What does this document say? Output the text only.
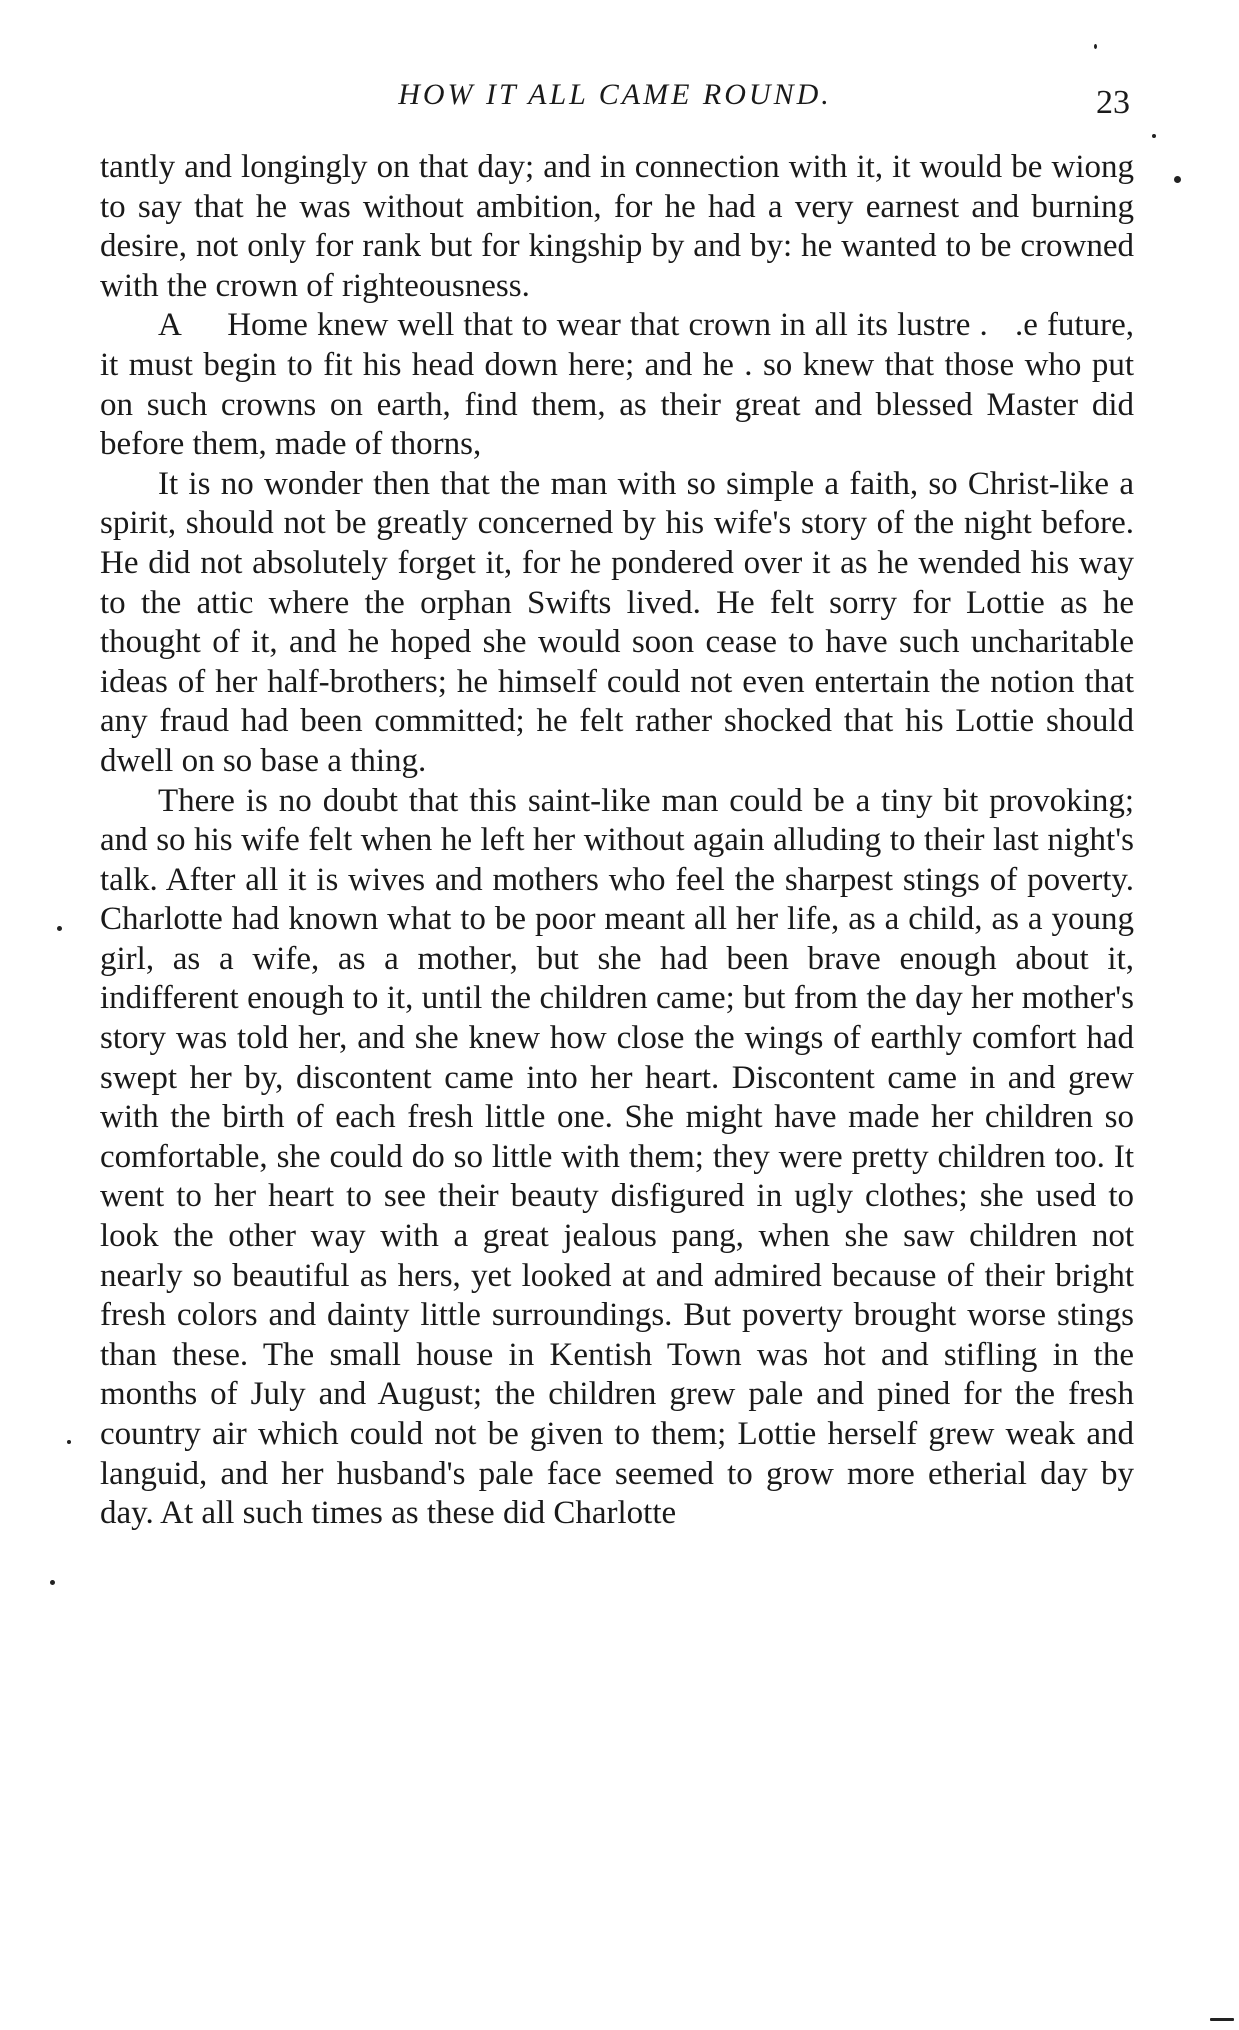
HOW IT ALL CAME ROUND.	23

tantly and longingly on that day; and in connection with it, it would be wiong to say that he was without ambition, for he had a very earnest and burning desire, not only for rank but for kingship by and by: he wanted to be crowned with the crown of righteousness.

A     Home knew well that to wear that crown in all its lustre .   .e future, it must begin to fit his head down here; and he . so knew that those who put on such crowns on earth, find them, as their great and blessed Master did before them, made of thorns,

It is no wonder then that the man with so simple a faith, so Christ-like a spirit, should not be greatly concerned by his wife's story of the night before. He did not absolutely forget it, for he pondered over it as he wended his way to the attic where the orphan Swifts lived. He felt sorry for Lottie as he thought of it, and he hoped she would soon cease to have such uncharitable ideas of her half-brothers; he himself could not even entertain the notion that any fraud had been committed; he felt rather shocked that his Lottie should dwell on so base a thing.

There is no doubt that this saint-like man could be a tiny bit provoking; and so his wife felt when he left her without again alluding to their last night's talk. After all it is wives and mothers who feel the sharpest stings of poverty. Charlotte had known what to be poor meant all her life, as a child, as a young girl, as a wife, as a mother, but she had been brave enough about it, indifferent enough to it, until the children came; but from the day her mother's story was told her, and she knew how close the wings of earthly comfort had swept her by, discontent came into her heart. Discontent came in and grew with the birth of each fresh little one. She might have made her children so comfortable, she could do so little with them; they were pretty children too. It went to her heart to see their beauty disfigured in ugly clothes; she used to look the other way with a great jealous pang, when she saw children not nearly so beautiful as hers, yet looked at and admired because of their bright fresh colors and dainty little surroundings. But poverty brought worse stings than these. The small house in Kentish Town was hot and stifling in the months of July and August; the children grew pale and pined for the fresh country air which could not be given to them; Lottie herself grew weak and languid, and her husband's pale face seemed to grow more etherial day by day. At all such times as these did Charlotte
